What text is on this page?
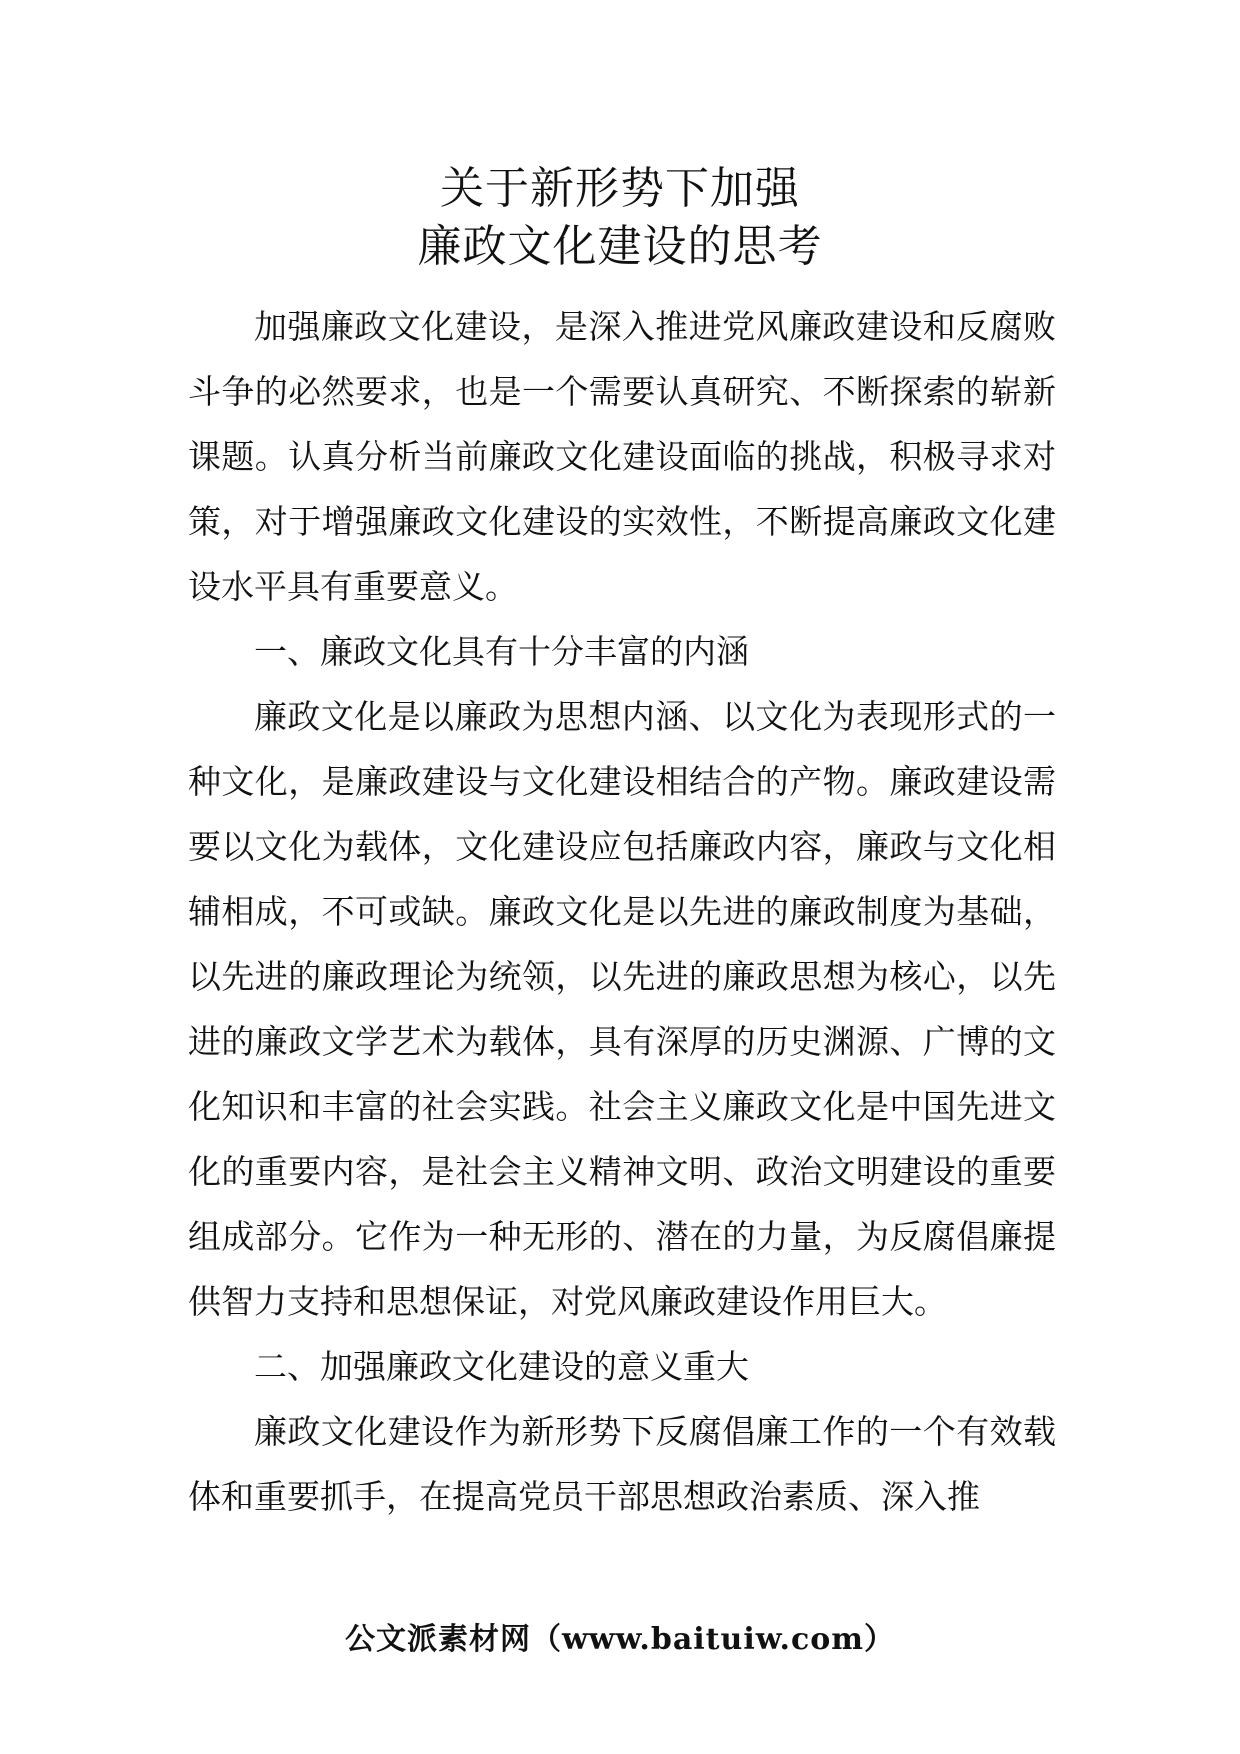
关于新形势下加强
廉政文化建设的思考

加强廉政文化建设，是深入推进党风廉政建设和反腐败斗争的必然要求，也是一个需要认真研究、不断探索的崭新课题。认真分析当前廉政文化建设面临的挑战，积极寻求对策，对于增强廉政文化建设的实效性，不断提高廉政文化建设水平具有重要意义。

一、廉政文化具有十分丰富的内涵

廉政文化是以廉政为思想内涵、以文化为表现形式的一种文化，是廉政建设与文化建设相结合的产物。廉政建设需要以文化为载体，文化建设应包括廉政内容，廉政与文化相辅相成，不可或缺。廉政文化是以先进的廉政制度为基础，以先进的廉政理论为统领，以先进的廉政思想为核心，以先进的廉政文学艺术为载体，具有深厚的历史渊源、广博的文化知识和丰富的社会实践。社会主义廉政文化是中国先进文化的重要内容，是社会主义精神文明、政治文明建设的重要组成部分。它作为一种无形的、潜在的力量，为反腐倡廉提供智力支持和思想保证，对党风廉政建设作用巨大。

二、加强廉政文化建设的意义重大

廉政文化建设作为新形势下反腐倡廉工作的一个有效载体和重要抓手，在提高党员干部思想政治素质、深入推

公文派素材网（www.baituiw.com）
